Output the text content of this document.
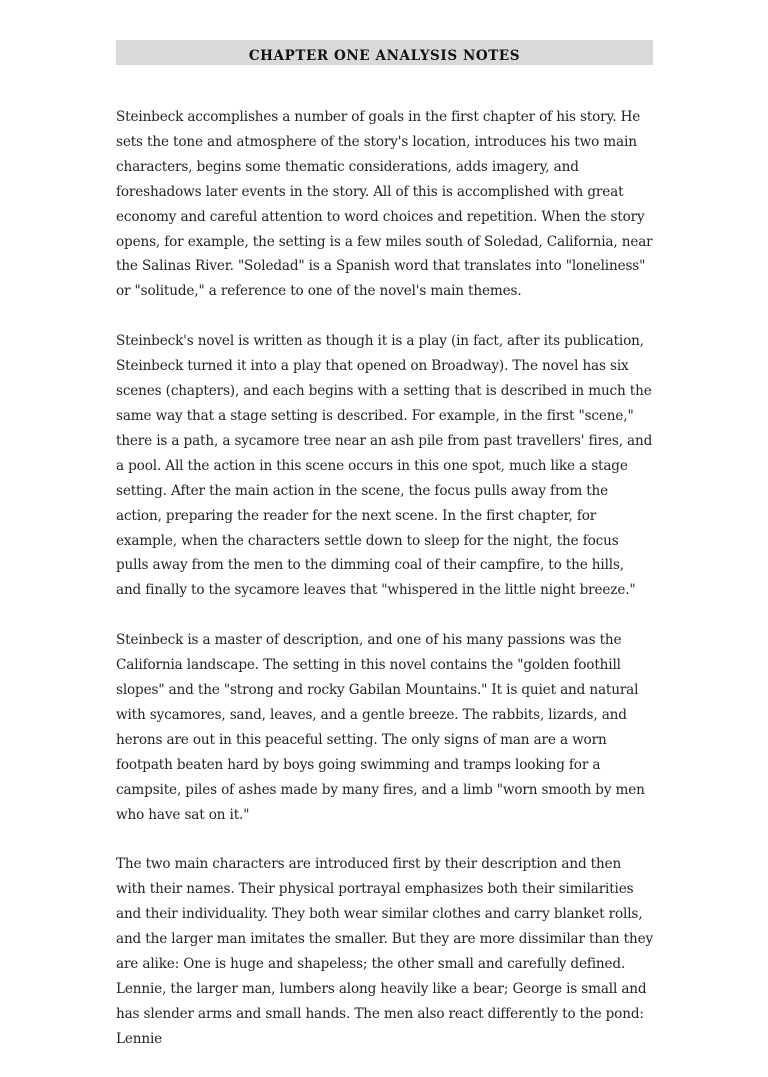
CHAPTER ONE ANALYSIS NOTES

Steinbeck accomplishes a number of goals in the first chapter of his story. He sets the tone and atmosphere of the story's location, introduces his two main characters, begins some thematic considerations, adds imagery, and foreshadows later events in the story. All of this is accomplished with great economy and careful attention to word choices and repetition. When the story opens, for example, the setting is a few miles south of Soledad, California, near the Salinas River. "Soledad" is a Spanish word that translates into "loneliness" or "solitude," a reference to one of the novel's main themes.

Steinbeck's novel is written as though it is a play (in fact, after its publication, Steinbeck turned it into a play that opened on Broadway). The novel has six scenes (chapters), and each begins with a setting that is described in much the same way that a stage setting is described. For example, in the first "scene," there is a path, a sycamore tree near an ash pile from past travellers' fires, and a pool. All the action in this scene occurs in this one spot, much like a stage setting. After the main action in the scene, the focus pulls away from the action, preparing the reader for the next scene. In the first chapter, for example, when the characters settle down to sleep for the night, the focus pulls away from the men to the dimming coal of their campfire, to the hills, and finally to the sycamore leaves that "whispered in the little night breeze."

Steinbeck is a master of description, and one of his many passions was the California landscape. The setting in this novel contains the "golden foothill slopes" and the "strong and rocky Gabilan Mountains." It is quiet and natural with sycamores, sand, leaves, and a gentle breeze. The rabbits, lizards, and herons are out in this peaceful setting. The only signs of man are a worn footpath beaten hard by boys going swimming and tramps looking for a campsite, piles of ashes made by many fires, and a limb "worn smooth by men who have sat on it."

The two main characters are introduced first by their description and then with their names. Their physical portrayal emphasizes both their similarities and their individuality. They both wear similar clothes and carry blanket rolls, and the larger man imitates the smaller. But they are more dissimilar than they are alike: One is huge and shapeless; the other small and carefully defined. Lennie, the larger man, lumbers along heavily like a bear; George is small and has slender arms and small hands. The men also react differently to the pond: Lennie
